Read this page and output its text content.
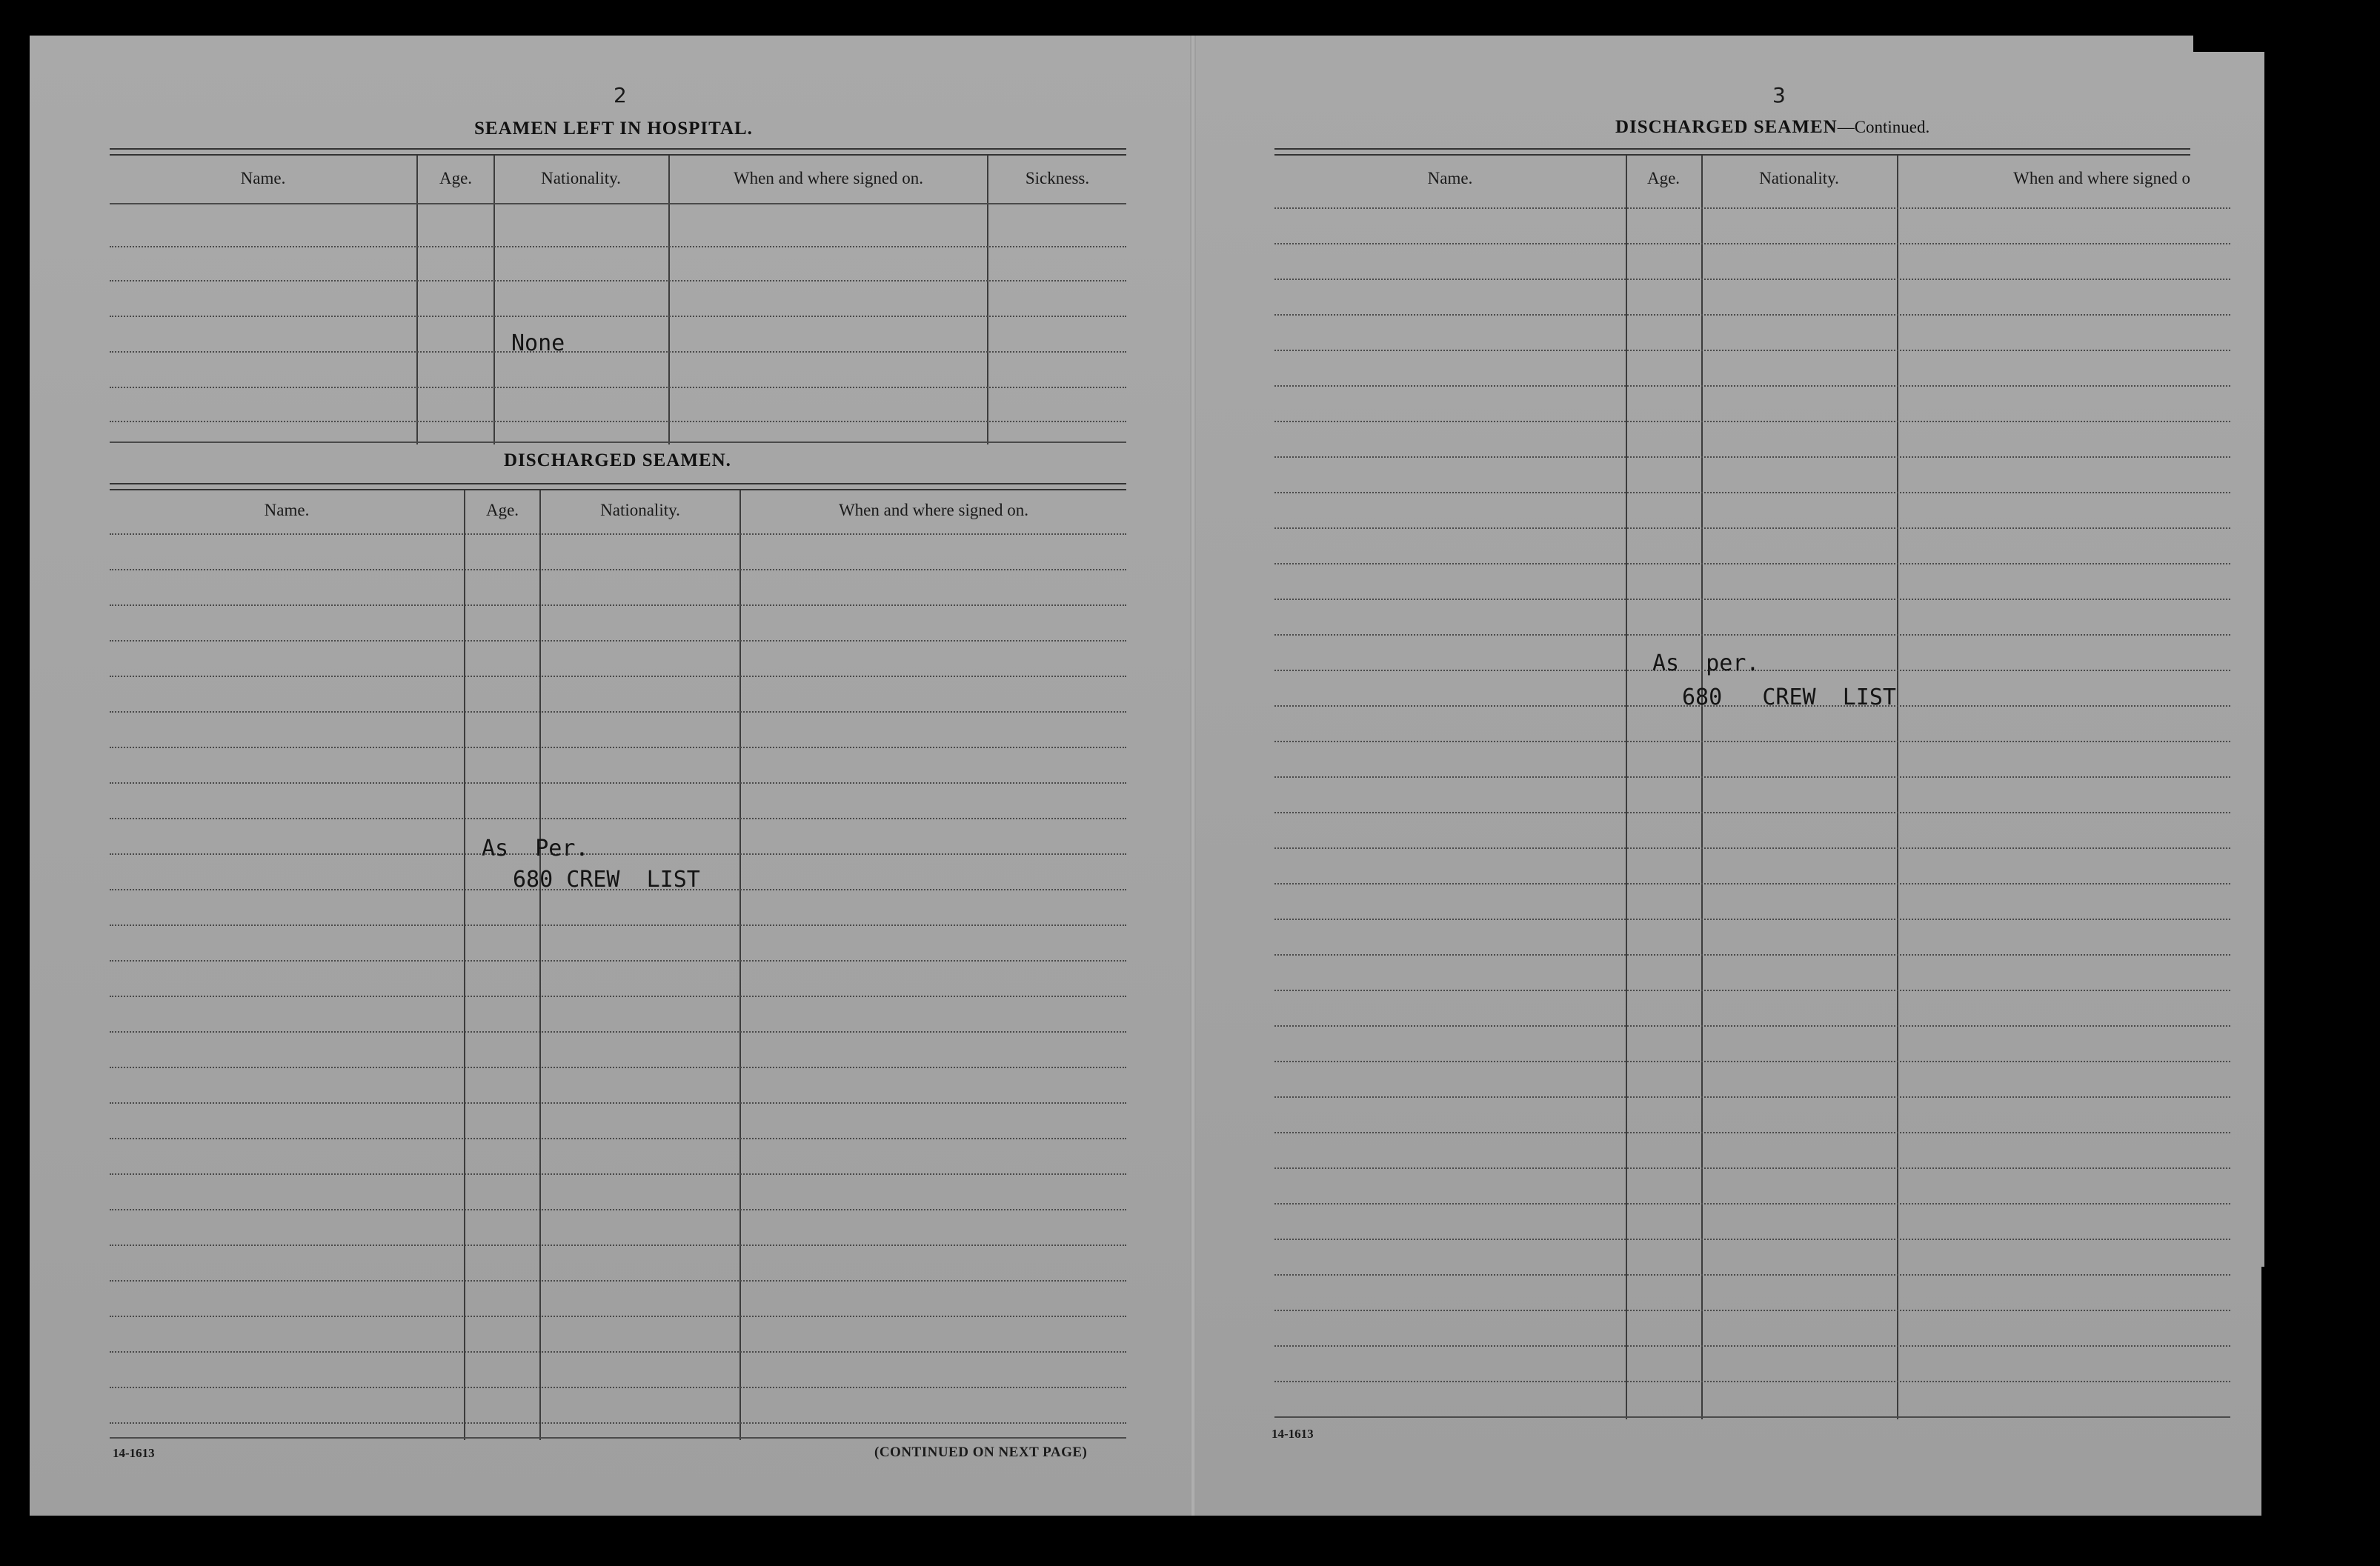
2
SEAMEN LEFT IN HOSPITAL.
Name.	Age.	Nationality.	When and where signed on.	Sickness.
None
DISCHARGED SEAMEN.
Name.	Age.	Nationality.	When and where signed on.
As  Per.
680 CREW  LIST
14-1613	(CONTINUED ON NEXT PAGE)
3
DISCHARGED SEAMEN—Continued.
Name.	Age.	Nationality.	When and where signed o
As  per.
680   CREW  LIST
14-1613
